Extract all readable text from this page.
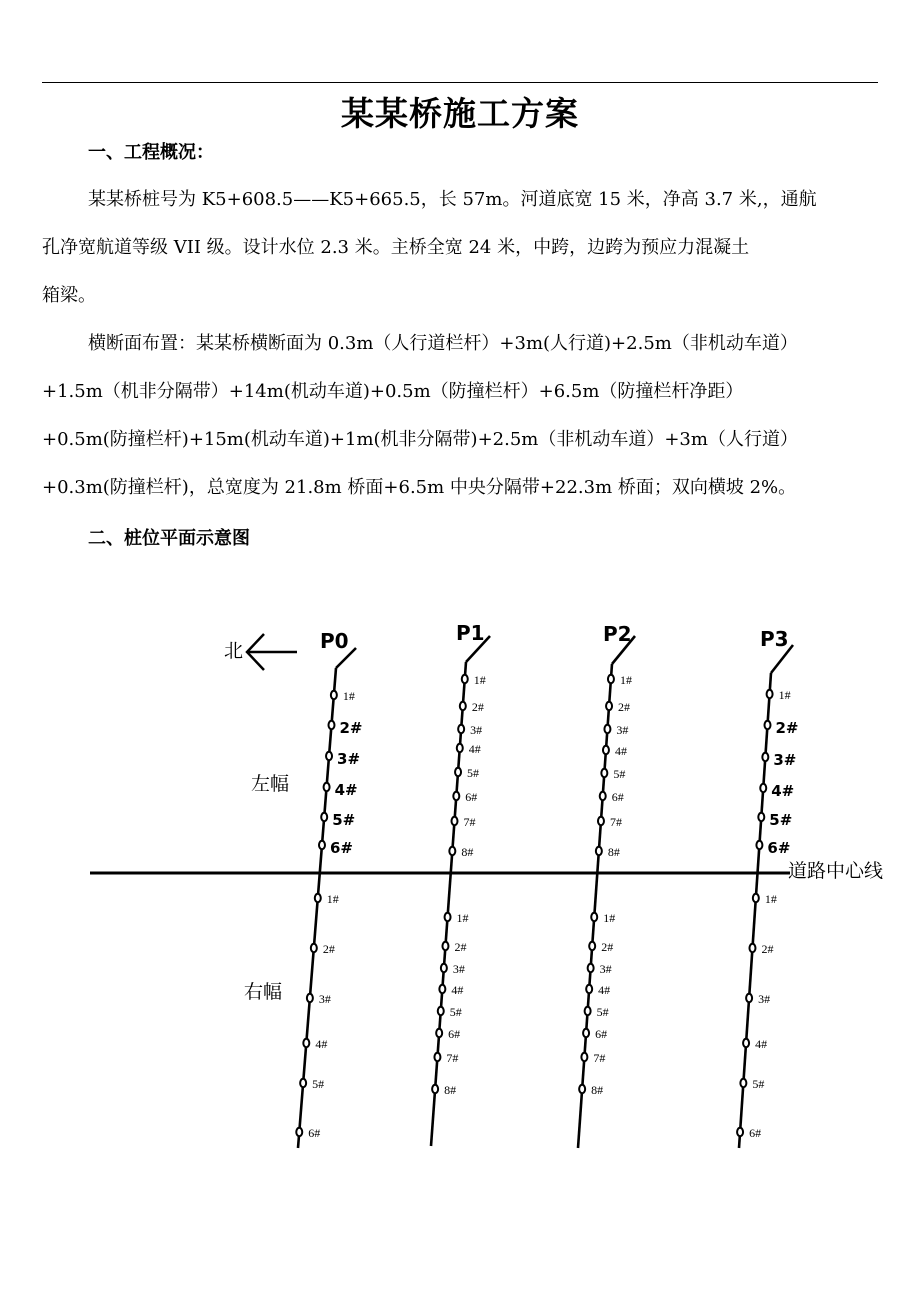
某某桥施工方案
一、工程概况：

某某桥桩号为 K5+608.5——K5+665.5，长 57m。河道底宽 15 米，净高 3.7 米,，通航
孔净宽航道等级 VII 级。设计水位 2.3 米。主桥全宽 24 米，中跨，边跨为预应力混凝土
箱梁。

横断面布置：某某桥横断面为 0.3m（人行道栏杆）+3m(人行道)+2.5m（非机动车道）
+1.5m（机非分隔带）+14m(机动车道)+0.5m（防撞栏杆）+6.5m（防撞栏杆净距）
+0.5m(防撞栏杆)+15m(机动车道)+1m(机非分隔带)+2.5m（非机动车道）+3m（人行道）
+0.3m(防撞栏杆)，总宽度为 21.8m 桥面+6.5m 中央分隔带+22.3m 桥面；双向横坡 2%。

二、桩位平面示意图
北
道路中心线
左幅
右幅
P0
1#
2#
3#
4#
5#
6#
1#
2#
3#
4#
5#
6#
P1
1#
2#
3#
4#
5#
6#
7#
8#
1#
2#
3#
4#
5#
6#
7#
8#
P2
1#
2#
3#
4#
5#
6#
7#
8#
1#
2#
3#
4#
5#
6#
7#
8#
P3
1#
2#
3#
4#
5#
6#
1#
2#
3#
4#
5#
6#
